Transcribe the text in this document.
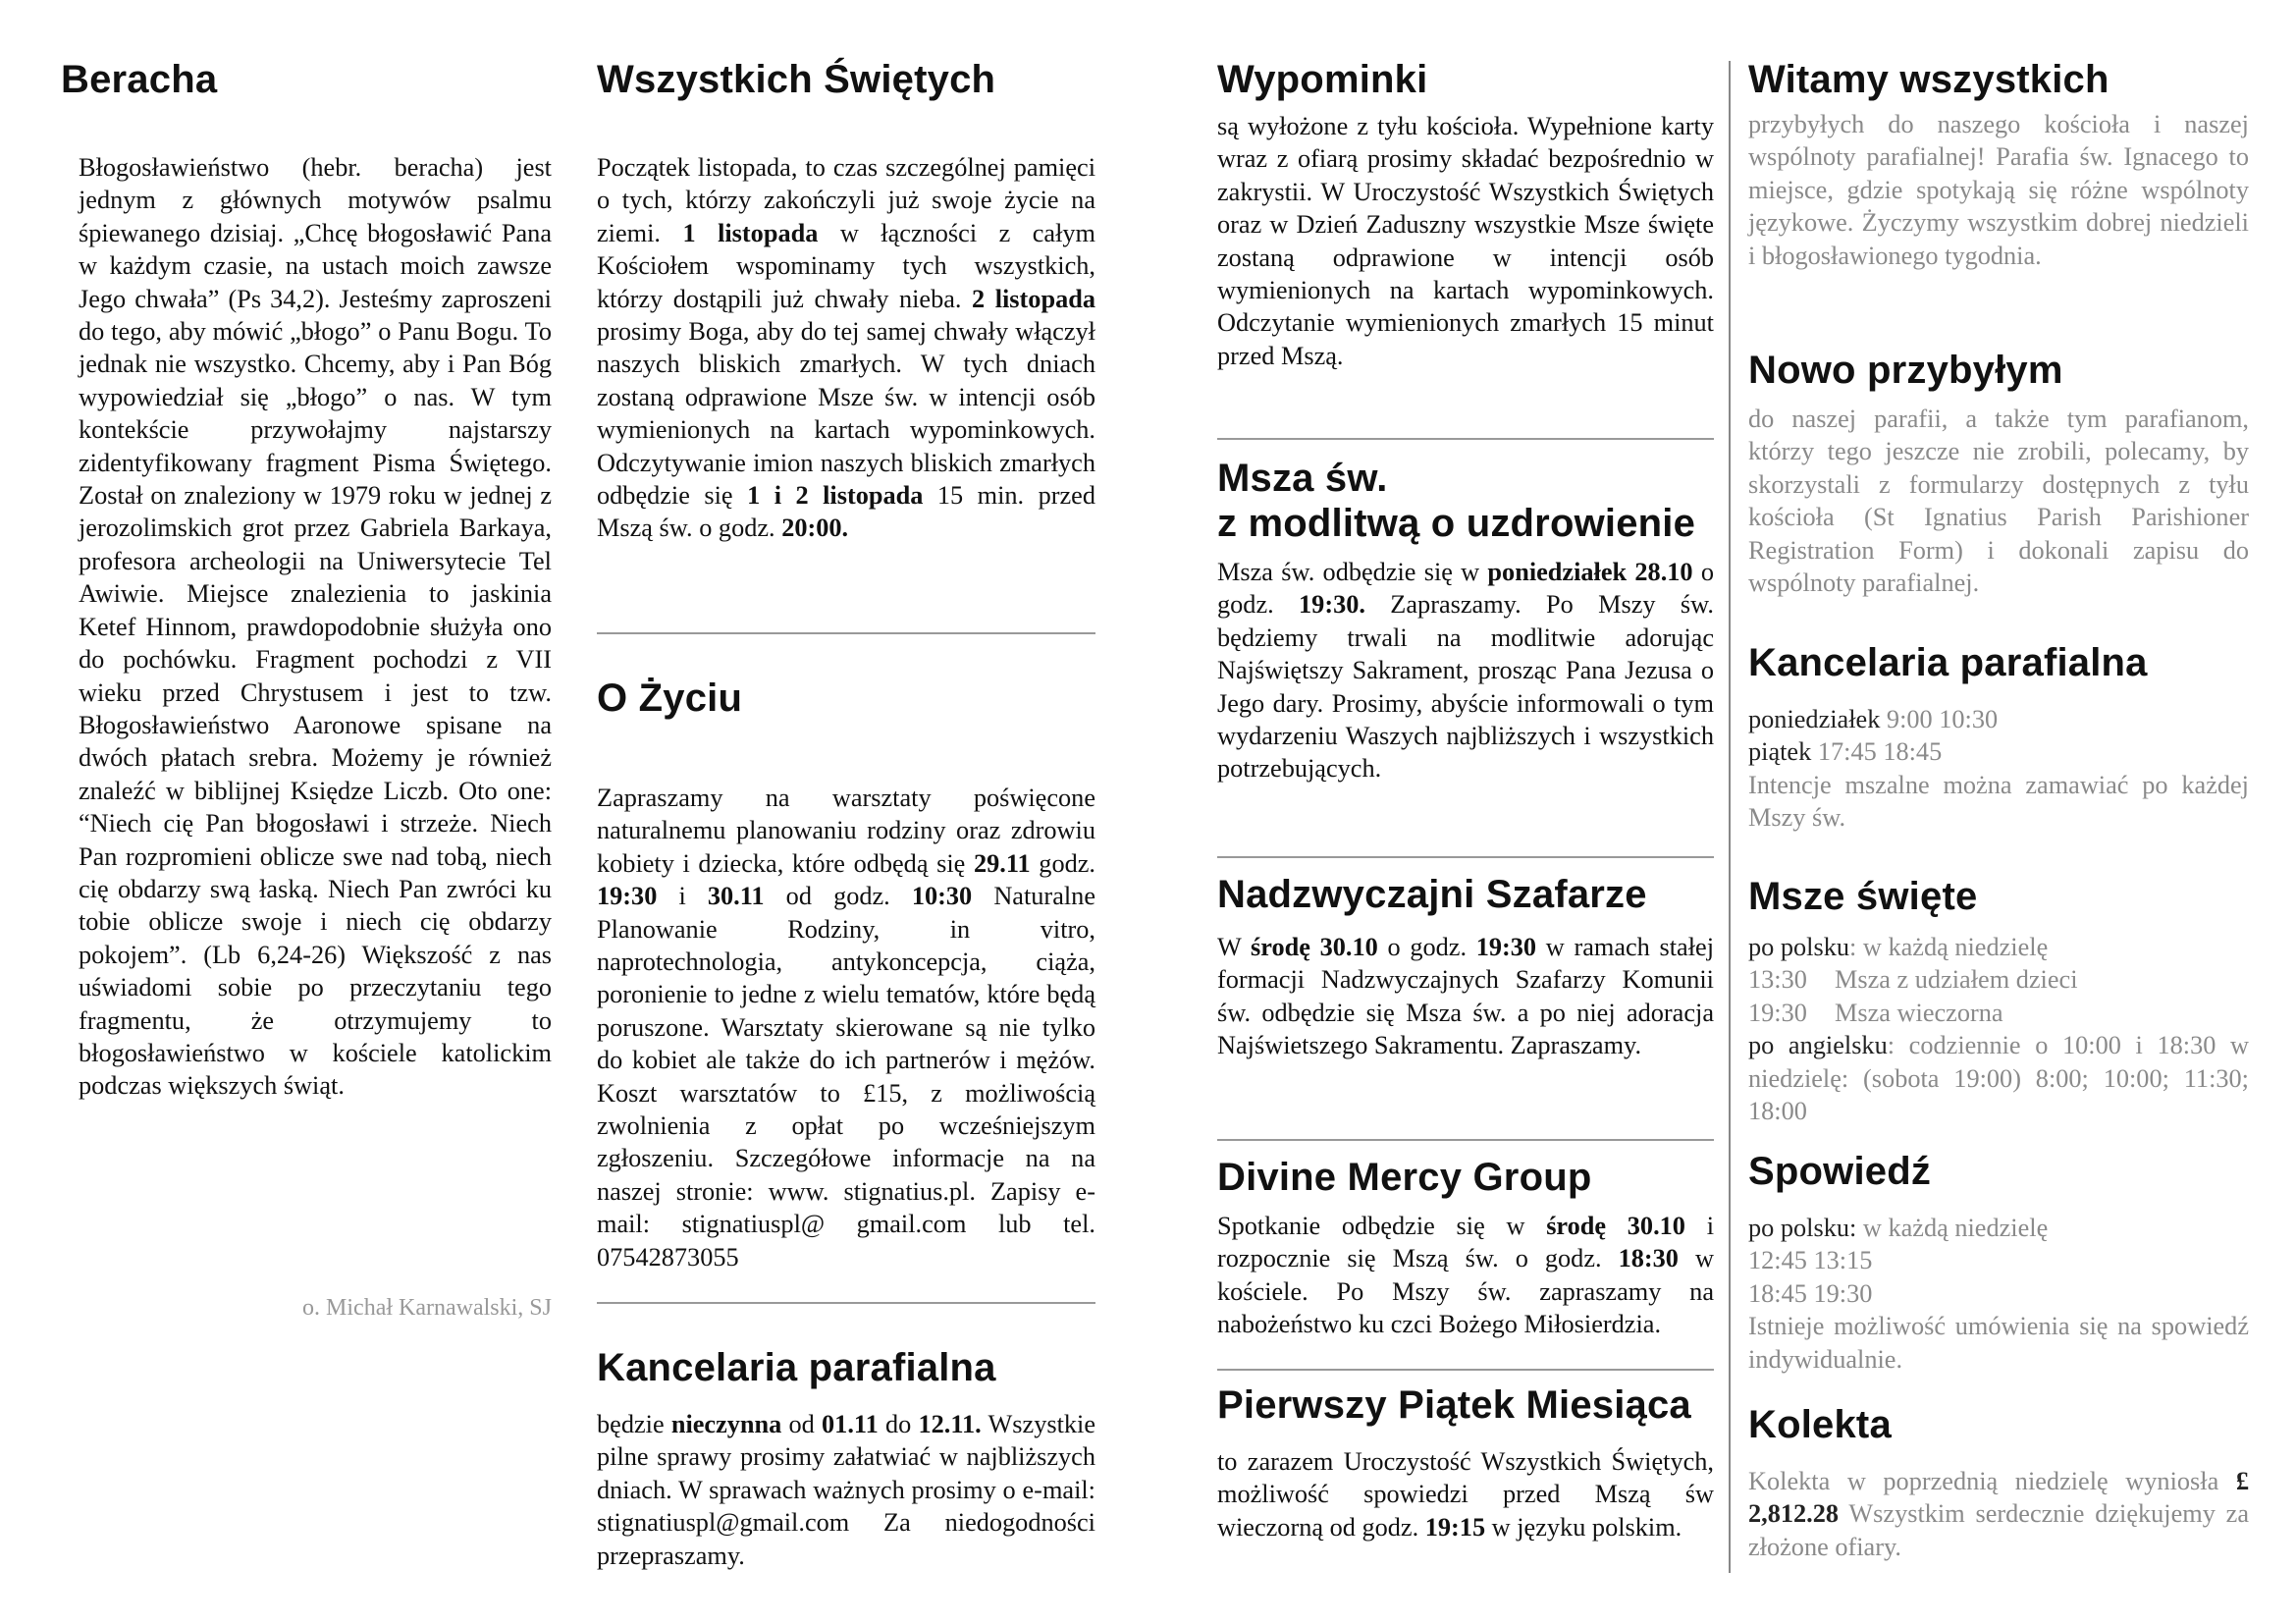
Beracha

Błogosławieństwo (hebr. beracha) jest jednym z głównych motywów psalmu śpiewanego dzisiaj. „Chcę błogosławić Pana w każdym czasie, na ustach moich zawsze Jego chwała” (Ps 34,2). Jesteśmy zaproszeni do tego, aby mówić „błogo” o Panu Bogu. To jednak nie wszystko. Chcemy, aby i Pan Bóg wypowiedział się „błogo” o nas. W tym kontekście przywołajmy najstarszy zidentyfikowany fragment Pisma Świętego. Został on znaleziony w 1979 roku w jednej z jerozolimskich grot przez Gabriela Barkaya, profesora archeologii na Uniwersytecie Tel Awiwie. Miejsce znalezienia to jaskinia Ketef Hinnom, prawdopodobnie służyła ono do pochówku. Fragment pochodzi z VII wieku przed Chrystusem i jest to tzw. Błogosławieństwo Aaronowe spisane na dwóch płatach srebra. Możemy je również znaleźć w biblijnej Księdze Liczb. Oto one: “Niech cię Pan błogosławi i strzeże. Niech Pan rozpromieni oblicze swe nad tobą, niech cię obdarzy swą łaską. Niech Pan zwróci ku tobie oblicze swoje i niech cię obdarzy pokojem”. (Lb 6,24-26) Większość z nas uświadomi sobie po przeczytaniu tego fragmentu, że otrzymujemy to błogosławieństwo w kościele katolickim podczas większych świąt.

o. Michał Karnawalski, SJ

Wszystkich Świętych

Początek listopada, to czas szczególnej pamięci o tych, którzy zakończyli już swoje życie na ziemi. 1 listopada w łączności z całym Kościołem wspominamy tych wszystkich, którzy dostąpili już chwały nieba. 2 listopada prosimy Boga, aby do tej samej chwały włączył naszych bliskich zmarłych. W tych dniach zostaną odprawione Msze św. w intencji osób wymienionych na kartach wypominkowych. Odczytywanie imion naszych bliskich zmarłych odbędzie się 1 i 2 listopada 15 min. przed Mszą św. o godz. 20:00.

O Życiu

Zapraszamy na warsztaty poświęcone naturalnemu planowaniu rodziny oraz zdrowiu kobiety i dziecka, które odbędą się 29.11 godz. 19:30 i 30.11 od godz. 10:30 Naturalne Planowanie Rodziny, in vitro, naprotechnologia, antykoncepcja, ciąża, poronienie to jedne z wielu tematów, które będą poruszone. Warsztaty skierowane są nie tylko do kobiet ale także do ich partnerów i mężów. Koszt warsztatów to £15, z możliwością zwolnienia z opłat po wcześniejszym zgłoszeniu. Szczegółowe informacje na na naszej stronie: www. stignatius.pl. Zapisy e-mail: stignatiuspl@ gmail.com lub tel. 07542873055

Kancelaria parafialna

będzie nieczynna od 01.11 do 12.11. Wszystkie pilne sprawy prosimy załatwiać w najbliższych dniach. W sprawach ważnych prosimy o e-mail: stignatiuspl@gmail.com Za niedogodności przepraszamy.

Wypominki

są wyłożone z tyłu kościoła. Wypełnione karty wraz z ofiarą prosimy składać bezpośrednio w zakrystii. W Uroczystość Wszystkich Świętych oraz w Dzień Zaduszny wszystkie Msze święte zostaną odprawione w intencji osób wymienionych na kartach wypominkowych. Odczytanie wymienionych zmarłych 15 minut przed Mszą.

Msza św.
z modlitwą o uzdrowienie

Msza św. odbędzie się w poniedziałek 28.10 o godz. 19:30. Zapraszamy. Po Mszy św. będziemy trwali na modlitwie adorując Najświętszy Sakrament, prosząc Pana Jezusa o Jego dary. Prosimy, abyście informowali o tym wydarzeniu Waszych najbliższych i wszystkich potrzebujących.

Nadzwyczajni Szafarze

W środę 30.10 o godz. 19:30 w ramach stałej formacji Nadzwyczajnych Szafarzy Komunii św. odbędzie się Msza św. a po niej adoracja Najświetszego Sakramentu. Zapraszamy.

Divine Mercy Group

Spotkanie odbędzie się w środę 30.10 i rozpocznie się Mszą św. o godz. 18:30 w kościele. Po Mszy św. zapraszamy na nabożeństwo ku czci Bożego Miłosierdzia.

Pierwszy Piątek Miesiąca

to zarazem Uroczystość Wszystkich Świętych, możliwość spowiedzi przed Mszą św wieczorną od godz. 19:15 w języku polskim.

Witamy wszystkich

przybyłych do naszego kościoła i naszej wspólnoty parafialnej! Parafia św. Ignacego to miejsce, gdzie spotykają się różne wspólnoty językowe. Życzymy wszystkim dobrej niedzieli i błogosławionego tygodnia.

Nowo przybyłym

do naszej parafii, a także tym parafianom, którzy tego jeszcze nie zrobili, polecamy, by skorzystali z formularzy dostępnych z tyłu kościoła (St Ignatius Parish Parishioner Registration Form) i dokonali zapisu do wspólnoty parafialnej.

Kancelaria parafialna
poniedziałek 9:00 10:30
piątek 17:45 18:45

Intencje mszalne można zamawiać po każdej Mszy św.

Msze święte
po polsku: w każdą niedzielę
13:30 Msza z udziałem dzieci
19:30 Msza wieczorna

po angielsku: codziennie o 10:00 i 18:30 w niedzielę: (sobota 19:00) 8:00; 10:00; 11:30; 18:00

Spowiedź
po polsku: w każdą niedzielę
12:45 13:15
18:45 19:30

Istnieje możliwość umówienia się na spowiedź indywidualnie.

Kolekta

Kolekta w poprzednią niedzielę wyniosła £ 2,812.28 Wszystkim serdecznie dziękujemy za złożone ofiary.
